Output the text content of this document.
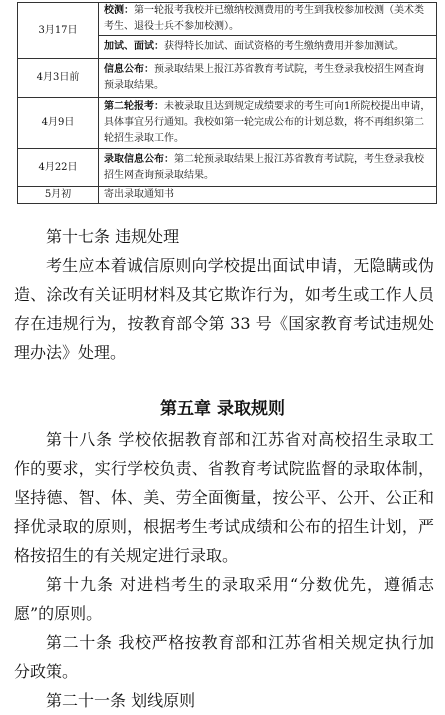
3月17日	校测：第一轮报考我校并已缴纳校测费用的考生到我校参加校测（美术类考生、退役士兵不参加校测）。
	加试、面试：获得特长加试、面试资格的考生缴纳费用并参加测试。
4月3日前	信息公布：预录取结果上报江苏省教育考试院，考生登录我校招生网查询预录取结果。
4月9日	第二轮报考：未被录取且达到规定成绩要求的考生可向1所院校提出申请，具体事宜另行通知。我校如第一轮完成公布的计划总数，将不再组织第二轮招生录取工作。
4月22日	录取信息公布：第二轮预录取结果上报江苏省教育考试院，考生登录我校招生网查询预录取结果。
5月初	寄出录取通知书

第十七条 违规处理

考生应本着诚信原则向学校提出面试申请，无隐瞒或伪造、涂改有关证明材料及其它欺诈行为，如考生或工作人员存在违规行为，按教育部令第 33 号《国家教育考试违规处理办法》处理。

第五章 录取规则

第十八条 学校依据教育部和江苏省对高校招生录取工作的要求，实行学校负责、省教育考试院监督的录取体制，坚持德、智、体、美、劳全面衡量，按公平、公开、公正和择优录取的原则，根据考生考试成绩和公布的招生计划，严格按招生的有关规定进行录取。

第十九条 对进档考生的录取采用“分数优先，遵循志愿”的原则。

第二十条 我校严格按教育部和江苏省相关规定执行加分政策。

第二十一条 划线原则
